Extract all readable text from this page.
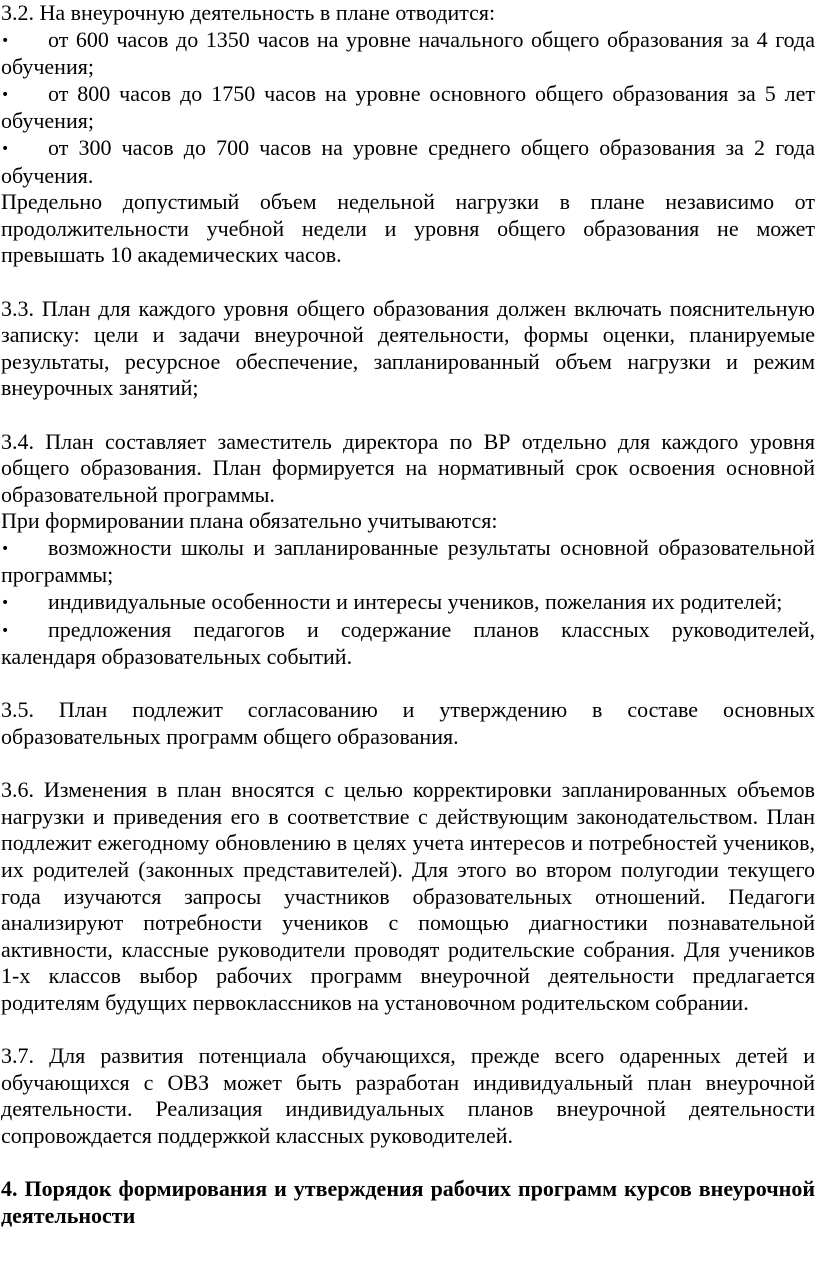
3.2. На внеурочную деятельность в плане отводится:

• от 600 часов до 1350 часов на уровне начального общего образования за 4 года обучения;

• от 800 часов до 1750 часов на уровне основного общего образования за 5 лет обучения;

• от 300 часов до 700 часов на уровне среднего общего образования за 2 года обучения.

Предельно допустимый объем недельной нагрузки в плане независимо от продолжительности учебной недели и уровня общего образования не может превышать 10 академических часов.

3.3. План для каждого уровня общего образования должен включать пояснительную записку: цели и задачи внеурочной деятельности, формы оценки, планируемые результаты, ресурсное обеспечение, запланированный объем нагрузки и режим внеурочных занятий;

3.4. План составляет заместитель директора по ВР отдельно для каждого уровня общего образования. План формируется на нормативный срок освоения основной образовательной программы.

При формировании плана обязательно учитываются:

• возможности школы и запланированные результаты основной образовательной программы;

• индивидуальные особенности и интересы учеников, пожелания их родителей;

• предложения педагогов и содержание планов классных руководителей, календаря образовательных событий.

3.5. План подлежит согласованию и утверждению в составе основных образовательных программ общего образования.

3.6. Изменения в план вносятся с целью корректировки запланированных объемов нагрузки и приведения его в соответствие с действующим законодательством. План подлежит ежегодному обновлению в целях учета интересов и потребностей учеников, их родителей (законных представителей). Для этого во втором полугодии текущего года изучаются запросы участников образовательных отношений. Педагоги анализируют потребности учеников с помощью диагностики познавательной активности, классные руководители проводят родительские собрания. Для учеников 1-х классов выбор рабочих программ внеурочной деятельности предлагается родителям будущих первоклассников на установочном родительском собрании.

3.7. Для развития потенциала обучающихся, прежде всего одаренных детей и обучающихся с ОВЗ может быть разработан индивидуальный план внеурочной деятельности. Реализация индивидуальных планов внеурочной деятельности сопровождается поддержкой классных руководителей.

4. Порядок формирования и утверждения рабочих программ курсов внеурочной деятельности
